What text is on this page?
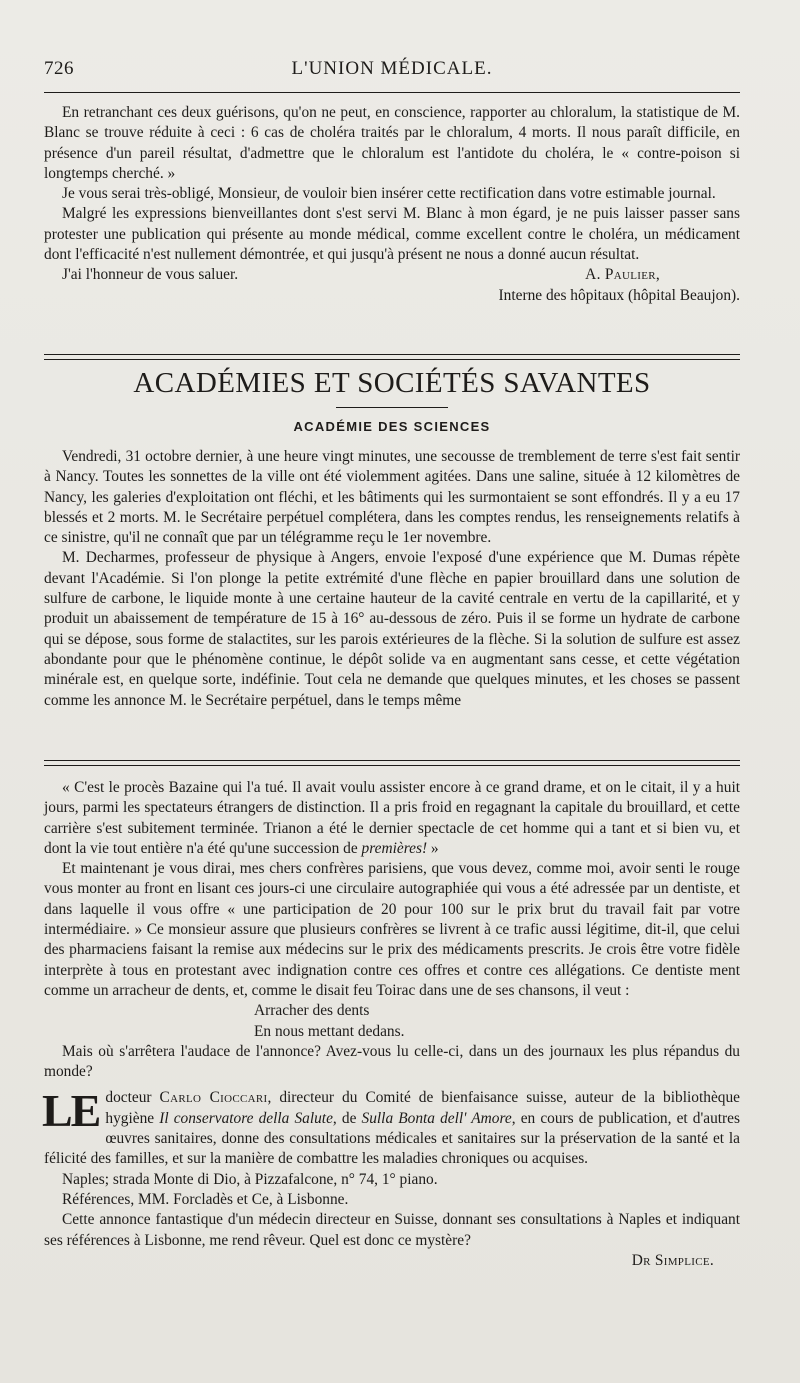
726	L'UNION MÉDICALE.

En retranchant ces deux guérisons, qu'on ne peut, en conscience, rapporter au chloralum, la statistique de M. Blanc se trouve réduite à ceci : 6 cas de choléra traités par le chloralum, 4 morts. Il nous paraît difficile, en présence d'un pareil résultat, d'admettre que le chloralum est l'antidote du choléra, le « contre-poison si longtemps cherché. »

Je vous serai très-obligé, Monsieur, de vouloir bien insérer cette rectification dans votre estimable journal.

Malgré les expressions bienveillantes dont s'est servi M. Blanc à mon égard, je ne puis laisser passer sans protester une publication qui présente au monde médical, comme excellent contre le choléra, un médicament dont l'efficacité n'est nullement démontrée, et qui jusqu'à présent ne nous a donné aucun résultat.

J'ai l'honneur de vous saluer.	A. Paulier,

Interne des hôpitaux (hôpital Beaujon).

ACADÉMIES ET SOCIÉTÉS SAVANTES
ACADÉMIE DES SCIENCES

Vendredi, 31 octobre dernier, à une heure vingt minutes, une secousse de tremblement de terre s'est fait sentir à Nancy. Toutes les sonnettes de la ville ont été violemment agitées. Dans une saline, située à 12 kilomètres de Nancy, les galeries d'exploitation ont fléchi, et les bâtiments qui les surmontaient se sont effondrés. Il y a eu 17 blessés et 2 morts. M. le Secrétaire perpétuel complétera, dans les comptes rendus, les renseignements relatifs à ce sinistre, qu'il ne connaît que par un télégramme reçu le 1er novembre.

M. Decharmes, professeur de physique à Angers, envoie l'exposé d'une expérience que M. Dumas répète devant l'Académie. Si l'on plonge la petite extrémité d'une flèche en papier brouillard dans une solution de sulfure de carbone, le liquide monte à une certaine hauteur de la cavité centrale en vertu de la capillarité, et y produit un abaissement de température de 15 à 16° au-dessous de zéro. Puis il se forme un hydrate de carbone qui se dépose, sous forme de stalactites, sur les parois extérieures de la flèche. Si la solution de sulfure est assez abondante pour que le phénomène continue, le dépôt solide va en augmentant sans cesse, et cette végétation minérale est, en quelque sorte, indéfinie. Tout cela ne demande que quelques minutes, et les choses se passent comme les annonce M. le Secrétaire perpétuel, dans le temps même

« C'est le procès Bazaine qui l'a tué. Il avait voulu assister encore à ce grand drame, et on le citait, il y a huit jours, parmi les spectateurs étrangers de distinction. Il a pris froid en regagnant la capitale du brouillard, et cette carrière s'est subitement terminée. Trianon a été le dernier spectacle de cet homme qui a tant et si bien vu, et dont la vie tout entière n'a été qu'une succession de premières! »

Et maintenant je vous dirai, mes chers confrères parisiens, que vous devez, comme moi, avoir senti le rouge vous monter au front en lisant ces jours-ci une circulaire autographiée qui vous a été adressée par un dentiste, et dans laquelle il vous offre « une participation de 20 pour 100 sur le prix brut du travail fait par votre intermédiaire. » Ce monsieur assure que plusieurs confrères se livrent à ce trafic aussi légitime, dit-il, que celui des pharmaciens faisant la remise aux médecins sur le prix des médicaments prescrits. Je crois être votre fidèle interprète à tous en protestant avec indignation contre ces offres et contre ces allégations. Ce dentiste ment comme un arracheur de dents, et, comme le disait feu Toirac dans une de ses chansons, il veut :

Arracher des dents

En nous mettant dedans.

Mais où s'arrêtera l'audace de l'annonce? Avez-vous lu celle-ci, dans un des journaux les plus répandus du monde?

LE docteur Carlo Cioccari, directeur du Comité de bienfaisance suisse, auteur de la bibliothèque hygiène Il conservatore della Salute, de Sulla Bonta dell' Amore, en cours de publication, et d'autres œuvres sanitaires, donne des consultations médicales et sanitaires sur la préservation de la santé et la félicité des familles, et sur la manière de combattre les maladies chroniques ou acquises.

Naples; strada Monte di Dio, à Pizzafalcone, n° 74, 1° piano.

Références, MM. Forcladès et Ce, à Lisbonne.

Cette annonce fantastique d'un médecin directeur en Suisse, donnant ses consultations à Naples et indiquant ses références à Lisbonne, me rend rêveur. Quel est donc ce mystère?

Dr Simplice.
